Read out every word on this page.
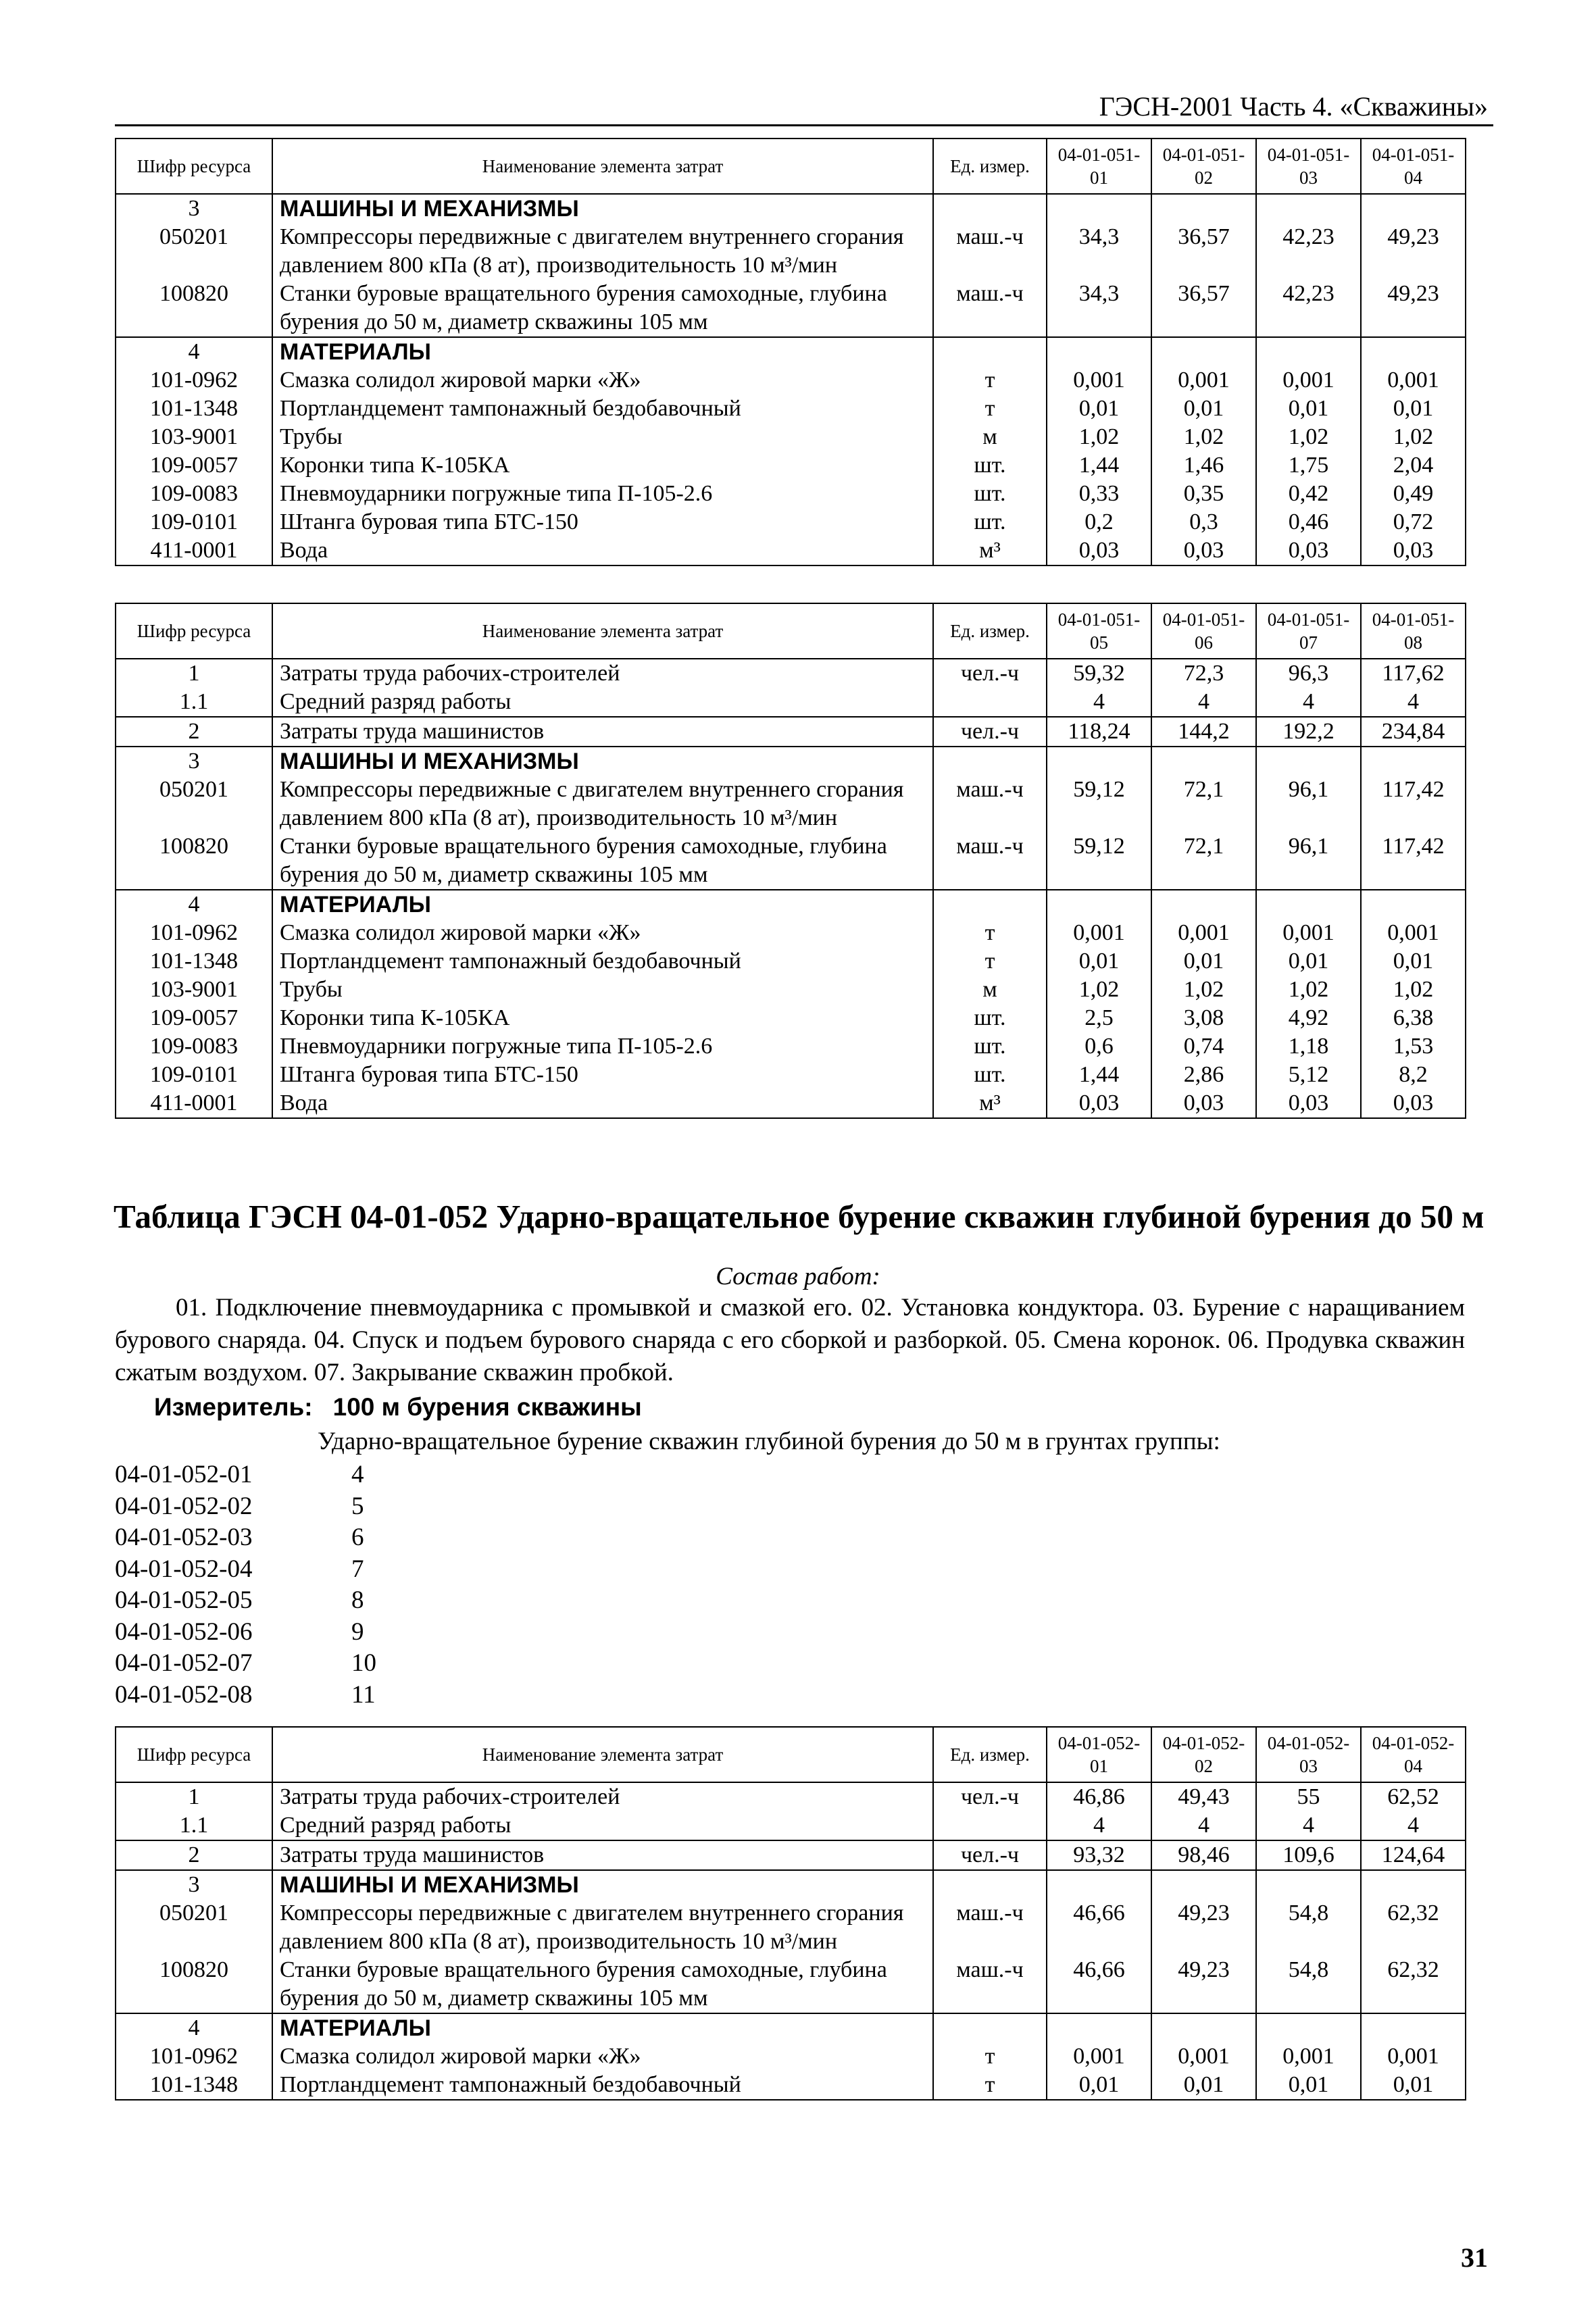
ГЭСН-2001 Часть 4. «Скважины»
Шифр ресурса	Наименование элемента затрат	Ед. измер.	04-01-051-01	04-01-051-02	04-01-051-03	04-01-051-04
3	МАШИНЫ И МЕХАНИЗМЫ					
050201	Компрессоры передвижные с двигателем внутреннего сгорания давлением 800 кПа (8 ат), производительность 10 м³/мин	маш.-ч	34,3	36,57	42,23	49,23
100820	Станки буровые вращательного бурения самоходные, глубина бурения до 50 м, диаметр скважины 105 мм	маш.-ч	34,3	36,57	42,23	49,23
4	МАТЕРИАЛЫ					
101-0962	Смазка солидол жировой марки «Ж»	т	0,001	0,001	0,001	0,001
101-1348	Портландцемент тампонажный бездобавочный	т	0,01	0,01	0,01	0,01
103-9001	Трубы	м	1,02	1,02	1,02	1,02
109-0057	Коронки типа К-105КА	шт.	1,44	1,46	1,75	2,04
109-0083	Пневмоударники погружные типа П-105-2.6	шт.	0,33	0,35	0,42	0,49
109-0101	Штанга буровая типа БТС-150	шт.	0,2	0,3	0,46	0,72
411-0001	Вода	м³	0,03	0,03	0,03	0,03
Шифр ресурса	Наименование элемента затрат	Ед. измер.	04-01-051-05	04-01-051-06	04-01-051-07	04-01-051-08
1	Затраты труда рабочих-строителей	чел.-ч	59,32	72,3	96,3	117,62
1.1	Средний разряд работы		4	4	4	4
2	Затраты труда машинистов	чел.-ч	118,24	144,2	192,2	234,84
3	МАШИНЫ И МЕХАНИЗМЫ					
050201	Компрессоры передвижные с двигателем внутреннего сгорания давлением 800 кПа (8 ат), производительность 10 м³/мин	маш.-ч	59,12	72,1	96,1	117,42
100820	Станки буровые вращательного бурения самоходные, глубина бурения до 50 м, диаметр скважины 105 мм	маш.-ч	59,12	72,1	96,1	117,42
4	МАТЕРИАЛЫ					
101-0962	Смазка солидол жировой марки «Ж»	т	0,001	0,001	0,001	0,001
101-1348	Портландцемент тампонажный бездобавочный	т	0,01	0,01	0,01	0,01
103-9001	Трубы	м	1,02	1,02	1,02	1,02
109-0057	Коронки типа К-105КА	шт.	2,5	3,08	4,92	6,38
109-0083	Пневмоударники погружные типа П-105-2.6	шт.	0,6	0,74	1,18	1,53
109-0101	Штанга буровая типа БТС-150	шт.	1,44	2,86	5,12	8,2
411-0001	Вода	м³	0,03	0,03	0,03	0,03
Таблица ГЭСН 04-01-052 Ударно-вращательное бурение скважин глубиной бурения до 50 м
Состав работ:
01. Подключение пневмоударника с промывкой и смазкой его. 02. Установка кондуктора. 03. Бурение с наращиванием бурового снаряда. 04. Спуск и подъем бурового снаряда с его сборкой и разборкой. 05. Смена коронок. 06. Продувка скважин сжатым воздухом. 07. Закрывание скважин пробкой.
Измеритель: 100 м бурения скважины
Ударно-вращательное бурение скважин глубиной бурения до 50 м в грунтах группы:
04-01-052-01	4
04-01-052-02	5
04-01-052-03	6
04-01-052-04	7
04-01-052-05	8
04-01-052-06	9
04-01-052-07	10
04-01-052-08	11
Шифр ресурса	Наименование элемента затрат	Ед. измер.	04-01-052-01	04-01-052-02	04-01-052-03	04-01-052-04
1	Затраты труда рабочих-строителей	чел.-ч	46,86	49,43	55	62,52
1.1	Средний разряд работы		4	4	4	4
2	Затраты труда машинистов	чел.-ч	93,32	98,46	109,6	124,64
3	МАШИНЫ И МЕХАНИЗМЫ					
050201	Компрессоры передвижные с двигателем внутреннего сгорания давлением 800 кПа (8 ат), производительность 10 м³/мин	маш.-ч	46,66	49,23	54,8	62,32
100820	Станки буровые вращательного бурения самоходные, глубина бурения до 50 м, диаметр скважины 105 мм	маш.-ч	46,66	49,23	54,8	62,32
4	МАТЕРИАЛЫ					
101-0962	Смазка солидол жировой марки «Ж»	т	0,001	0,001	0,001	0,001
101-1348	Портландцемент тампонажный бездобавочный	т	0,01	0,01	0,01	0,01
31
